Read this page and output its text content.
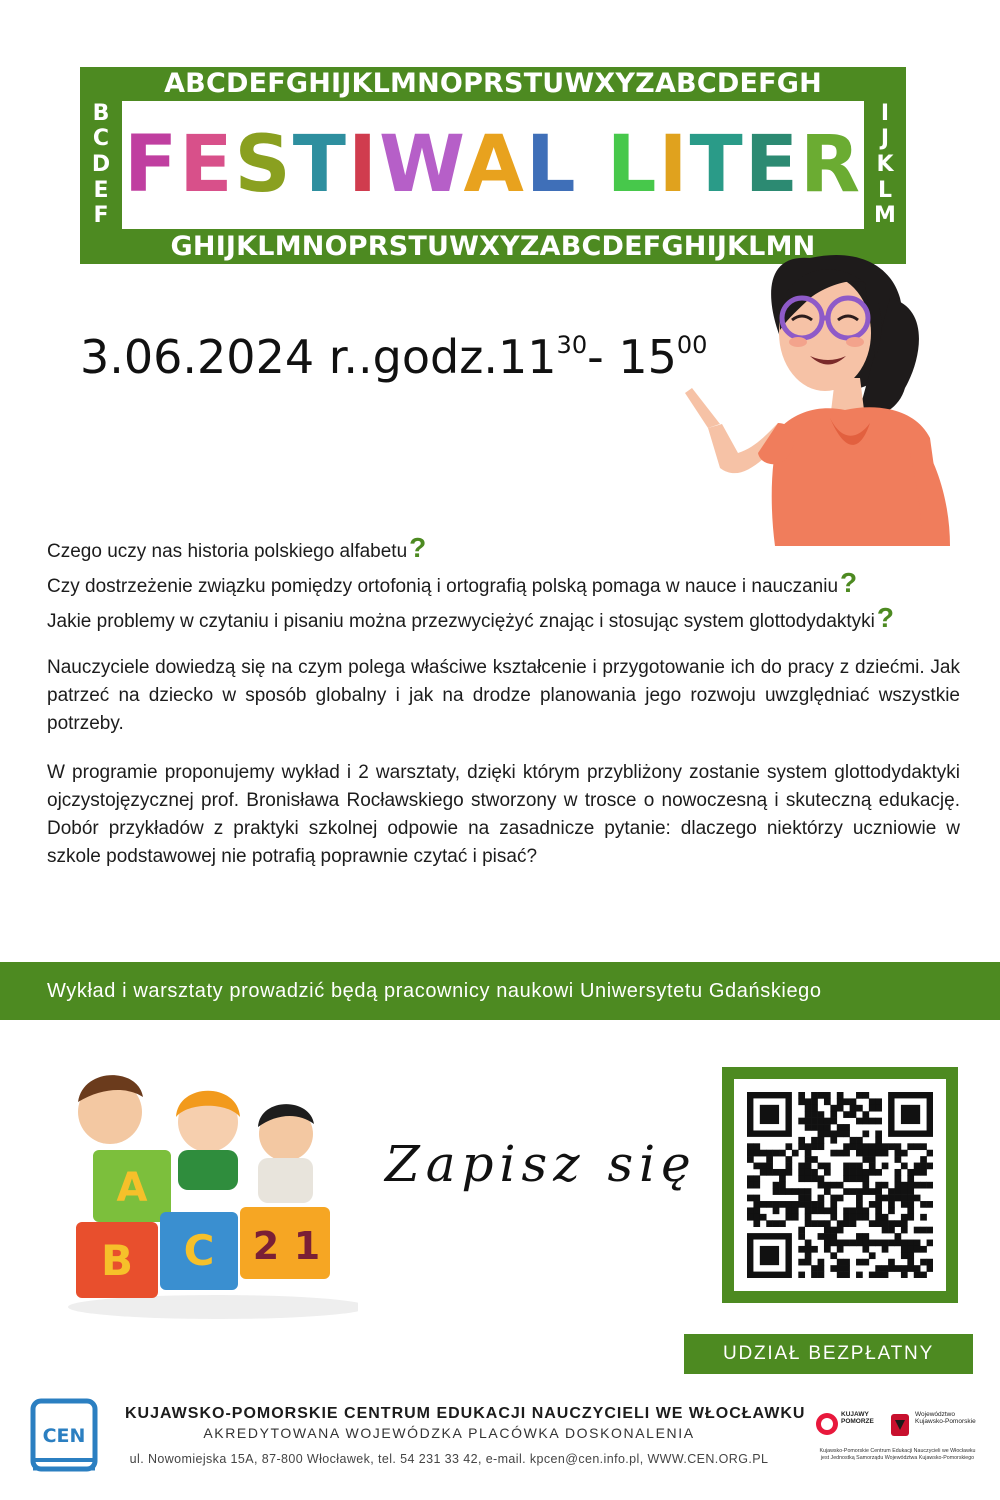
ABCDEFGHIJKLMNOPRSTUWXYZABCDEFGH
B
C
D
E
F
I
J
K
L
M
FESTIWAL LITER
GHIJKLMNOPRSTUWXYZABCDEFGHIJKLMN
3.06.2024 $r..godz.11^{30}-$ $15^{00}$
Czego uczy nas historia polskiego alfabetu?
Czy dostrzeżenie związku pomiędzy ortofonią i ortografią polską pomaga w nauce i nauczaniu?
Jakie problemy w czytaniu i pisaniu można przezwyciężyć znając i stosując system glottodydaktyki?
Nauczyciele dowiedzą się na czym polega właściwe kształcenie i przygotowanie ich do pracy z dziećmi. Jak patrzeć na dziecko w sposób globalny i jak na drodze planowania jego rozwoju uwzględniać wszystkie potrzeby.
W programie proponujemy wykład i 2 warsztaty, dzięki którym przybliżony zostanie system glottodydaktyki ojczystojęzycznej prof. Bronisława Rocławskiego stworzony w trosce o nowoczesną i skuteczną edukację. Dobór przykładów z praktyki szkolnej odpowie na zasadnicze pytanie: dlaczego niektórzy uczniowie w szkole podstawowej nie potrafią poprawnie czytać i pisać?
Wykład i warsztaty prowadzić będą pracownicy naukowi Uniwersytetu Gdańskiego
A
B C 2 1
Zapisz się
UDZIAŁ BEZPŁATNY
CEN
KUJAWSKO-POMORSKIE CENTRUM EDUKACJI NAUCZYCIELI WE WŁOCŁAWKU
AKREDYTOWANA WOJEWÓDZKA PLACÓWKA DOSKONALENIA
ul. Nowomiejska 15A, 87-800 Włocławek, tel. 54 231 33 42, e-mail. kpcen@cen.info.pl, WWW.CEN.ORG.PL
KUJAWY
POMORZE
Województwo
Kujawsko-Pomorskie
Kujawsko-Pomorskie Centrum Edukacji Nauczycieli we Włocławku
jest Jednostką Samorządu Województwa Kujawsko-Pomorskiego
